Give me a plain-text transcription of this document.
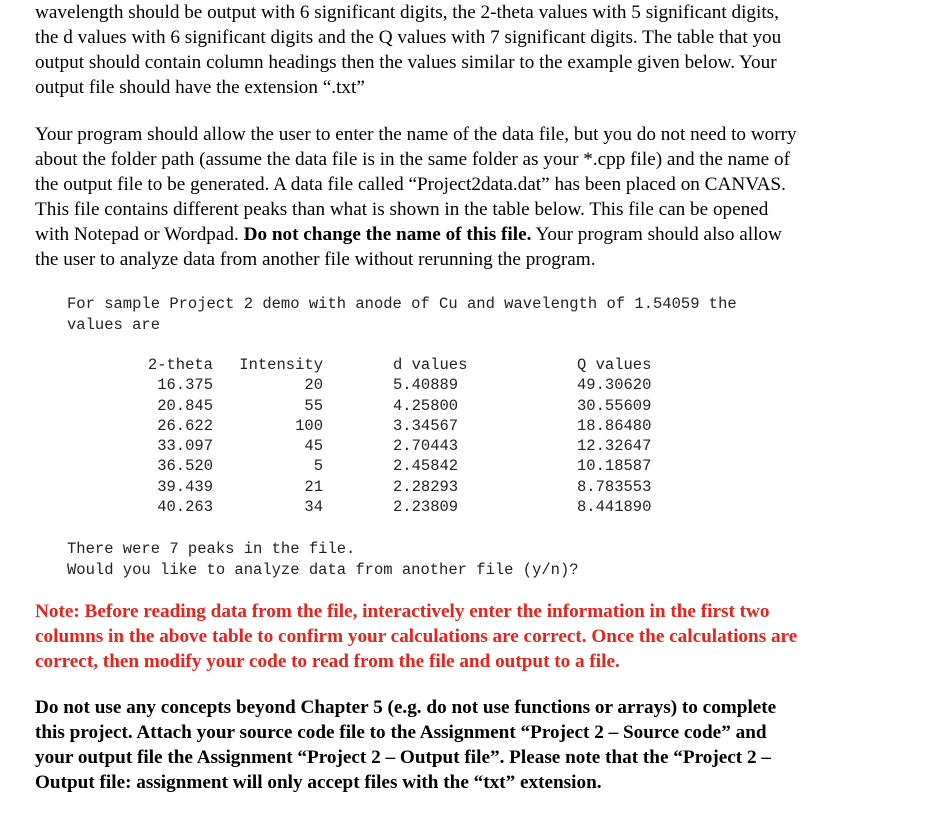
wavelength should be output with 6 significant digits, the 2-theta values with 5 significant digits,
the d values with 6 significant digits and the Q values with 7 significant digits. The table that you
output should contain column headings then the values similar to the example given below. Your
output file should have the extension “.txt”

Your program should allow the user to enter the name of the data file, but you do not need to worry
about the folder path (assume the data file is in the same folder as your *.cpp file) and the name of
the output file to be generated. A data file called “Project2data.dat” has been placed on CANVAS.
This file contains different peaks than what is shown in the table below. This file can be opened
with Notepad or Wordpad. Do not change the name of this file. Your program should also allow
the user to analyze data from another file without rerunning the program.

For sample Project 2 demo with anode of Cu and wavelength of 1.54059 the
values are
2-theta	Intensity	d values	Q values
16.375	20	5.40889	49.30620
20.845	55	4.25800	30.55609
26.622	100	3.34567	18.86480
33.097	45	2.70443	12.32647
36.520	5	2.45842	10.18587
39.439	21	2.28293	8.783553
40.263	34	2.23809	8.441890
There were 7 peaks in the file.
Would you like to analyze data from another file (y/n)?

Note: Before reading data from the file, interactively enter the information in the first two
columns in the above table to confirm your calculations are correct. Once the calculations are
correct, then modify your code to read from the file and output to a file.

Do not use any concepts beyond Chapter 5 (e.g. do not use functions or arrays) to complete
this project. Attach your source code file to the Assignment “Project 2 – Source code” and
your output file the Assignment “Project 2 – Output file”. Please note that the “Project 2 –
Output file: assignment will only accept files with the “txt” extension.
